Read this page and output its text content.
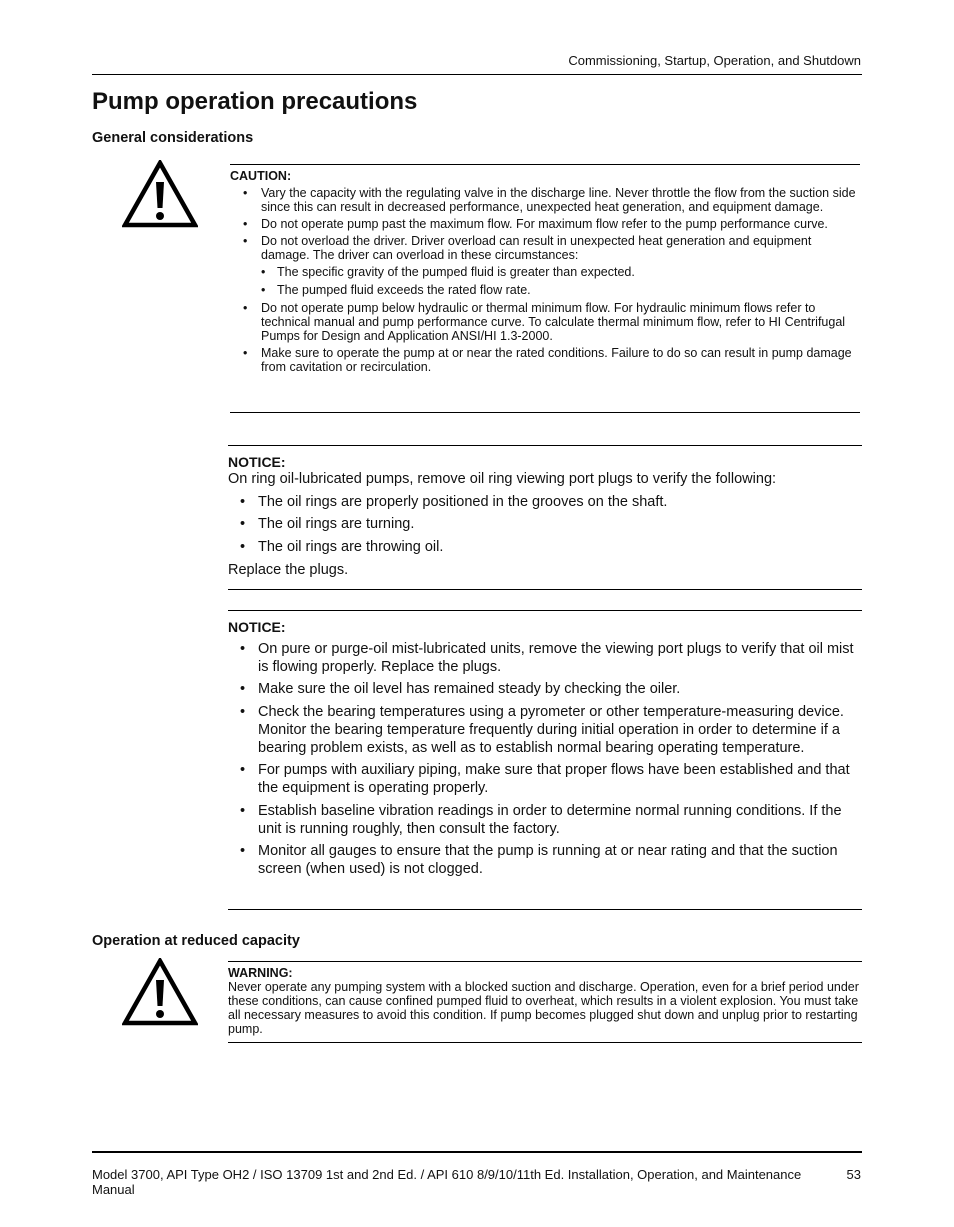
Commissioning, Startup, Operation, and Shutdown
Pump operation precautions
General considerations
CAUTION:
• Vary the capacity with the regulating valve in the discharge line. Never throttle the flow from the suction side since this can result in decreased performance, unexpected heat generation, and equipment damage.
• Do not operate pump past the maximum flow. For maximum flow refer to the pump performance curve.
• Do not overload the driver. Driver overload can result in unexpected heat generation and equipment damage. The driver can overload in these circumstances:
• The specific gravity of the pumped fluid is greater than expected.
• The pumped fluid exceeds the rated flow rate.
• Do not operate pump below hydraulic or thermal minimum flow. For hydraulic minimum flows refer to technical manual and pump performance curve. To calculate thermal minimum flow, refer to HI Centrifugal Pumps for Design and Application ANSI/HI 1.3-2000.
• Make sure to operate the pump at or near the rated conditions. Failure to do so can result in pump damage from cavitation or recirculation.
NOTICE:
On ring oil-lubricated pumps, remove oil ring viewing port plugs to verify the following:
• The oil rings are properly positioned in the grooves on the shaft.
• The oil rings are turning.
• The oil rings are throwing oil.
Replace the plugs.
NOTICE:
• On pure or purge-oil mist-lubricated units, remove the viewing port plugs to verify that oil mist is flowing properly. Replace the plugs.
• Make sure the oil level has remained steady by checking the oiler.
• Check the bearing temperatures using a pyrometer or other temperature-measuring device. Monitor the bearing temperature frequently during initial operation in order to determine if a bearing problem exists, as well as to establish normal bearing operating temperature.
• For pumps with auxiliary piping, make sure that proper flows have been established and that the equipment is operating properly.
• Establish baseline vibration readings in order to determine normal running conditions. If the unit is running roughly, then consult the factory.
• Monitor all gauges to ensure that the pump is running at or near rating and that the suction screen (when used) is not clogged.
Operation at reduced capacity
WARNING:
Never operate any pumping system with a blocked suction and discharge. Operation, even for a brief period under these conditions, can cause confined pumped fluid to overheat, which results in a violent explosion. You must take all necessary measures to avoid this condition. If pump becomes plugged shut down and unplug prior to restarting pump.
Model 3700, API Type OH2 / ISO 13709 1st and 2nd Ed. / API 610 8/9/10/11th Ed. Installation, Operation, and Maintenance Manual
53
